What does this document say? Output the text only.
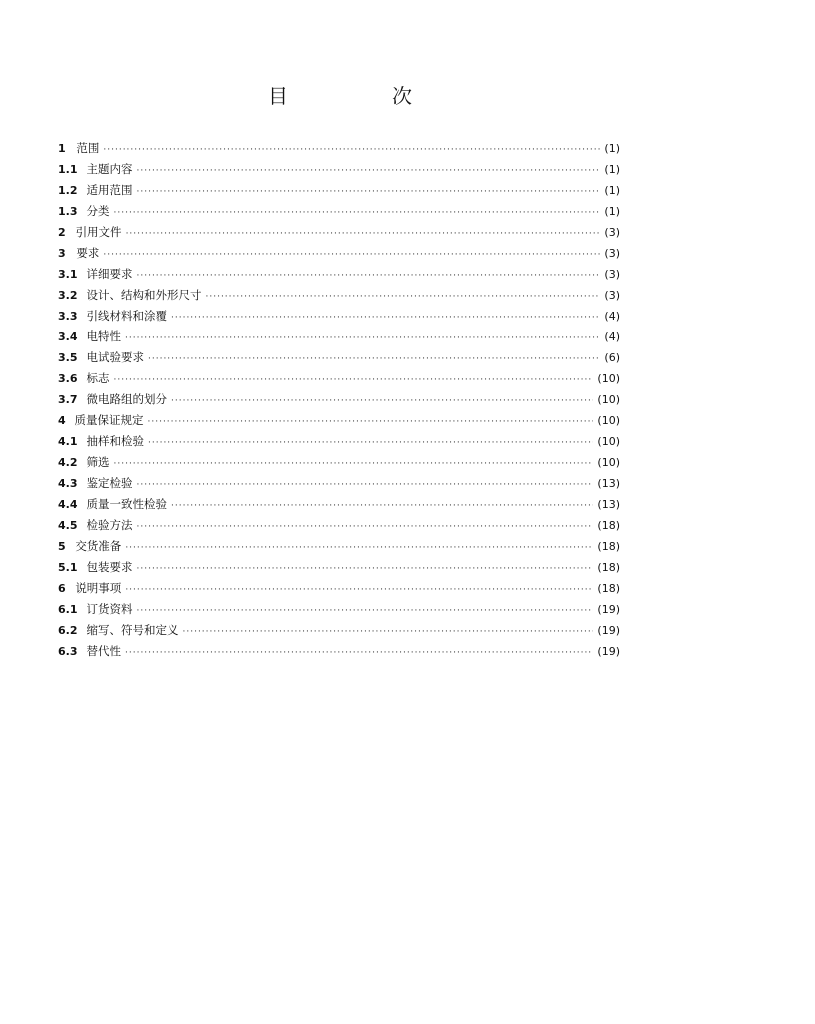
目　次
1 范围 ·····	(1)
1.1 主题内容 ·····	(1)
1.2 适用范围 ·····	(1)
1.3 分类 ·····	(1)
2 引用文件 ·····	(3)
3 要求 ·····	(3)
3.1 详细要求 ·····	(3)
3.2 设计、结构和外形尺寸 ·····	(3)
3.3 引线材料和涂覆 ·····	(4)
3.4 电特性 ·····	(4)
3.5 电试验要求 ·····	(6)
3.6 标志 ·····	(10)
3.7 微电路组的划分 ·····	(10)
4 质量保证规定 ·····	(10)
4.1 抽样和检验 ·····	(10)
4.2 筛选 ·····	(10)
4.3 鉴定检验 ·····	(13)
4.4 质量一致性检验 ·····	(13)
4.5 检验方法 ·····	(18)
5 交货准备 ·····	(18)
5.1 包装要求 ·····	(18)
6 说明事项 ·····	(18)
6.1 订货资料 ·····	(19)
6.2 缩写、符号和定义 ·····	(19)
6.3 替代性 ·····	(19)
